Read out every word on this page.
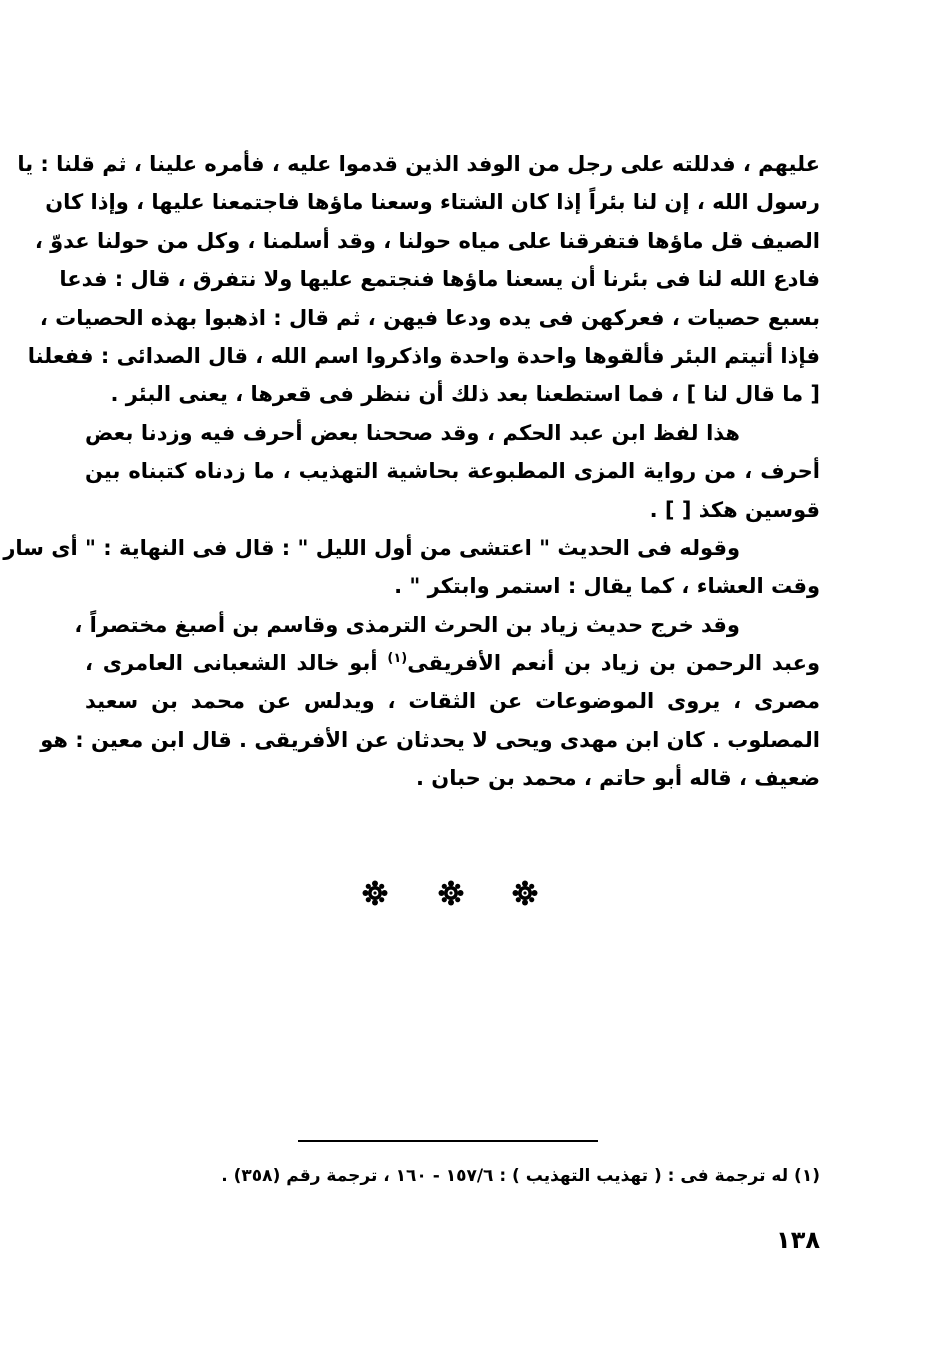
عليهم ، فدللته على رجل من الوفد الذين قدموا عليه ، فأمره علينا ، ثم قلنا : يا
رسول الله ، إن لنا بئراً إذا كان الشتاء وسعنا ماؤها فاجتمعنا عليها ، وإذا كان
الصيف قل ماؤها فتفرقنا على مياه حولنا ، وقد أسلمنا ، وكل من حولنا عدوّ ،
فادع الله لنا فى بئرنا أن يسعنا ماؤها فنجتمع عليها ولا نتفرق ، قال : فدعا
بسبع حصيات ، فعركهن فى يده ودعا فيهن ، ثم قال : اذهبوا بهذه الحصيات ،
فإذا أتيتم البئر فألقوها واحدة واحدة واذكروا اسم الله ، قال الصدائى : ففعلنا
[ ما قال لنا ] ، فما استطعنا بعد ذلك أن ننظر فى قعرها ، يعنى البئر .
هذا لفظ ابن عبد الحكم ، وقد صححنا بعض أحرف فيه وزدنا بعض
أحرف ، من رواية المزى المطبوعة بحاشية التهذيب ، ما زدناه كتبناه بين
قوسين هكذ [ ] .
وقوله فى الحديث " اعتشى من أول الليل " : قال فى النهاية : " أى سار
وقت العشاء ، كما يقال : استمر وابتكر " .
وقد خرج حديث زياد بن الحرث الترمذى وقاسم بن أصبغ مختصراً ،
وعبد الرحمن بن زياد بن أنعم الأفريقى$^{(١)}$ أبو خالد الشعبانى العامرى ،
مصرى ، يروى الموضوعات عن الثقات ، ويدلس عن محمد بن سعيد
المصلوب . كان ابن مهدى ويحى لا يحدثان عن الأفريقى . قال ابن معين : هو
ضعيف ، قاله أبو حاتم ، محمد بن حبان .
(١) له ترجمة فى : ( تهذيب التهذيب ) : ١٥٧/٦ - ١٦٠ ، ترجمة رقم (٣٥٨) .
١٣٨
